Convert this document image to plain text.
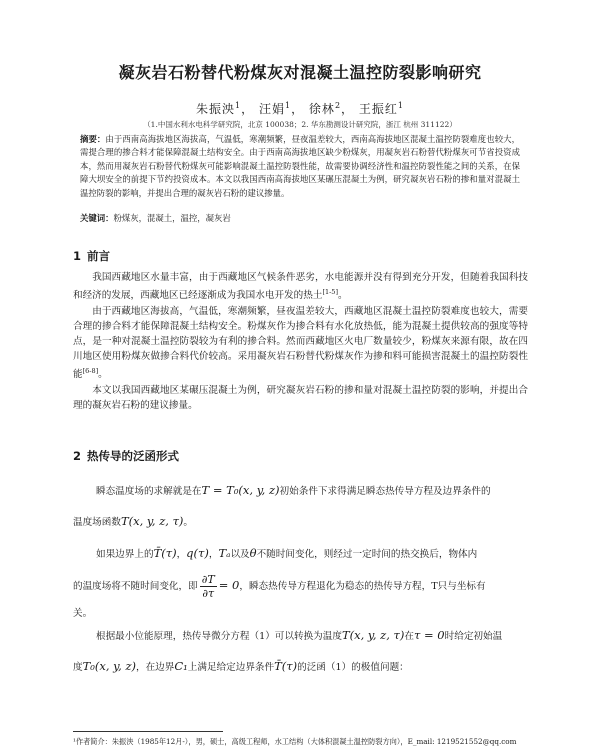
凝灰岩石粉替代粉煤灰对混凝土温控防裂影响研究
朱振泱$^1$， 汪娟$^1$， 徐林$^2$， 王振红$^1$
（1.中国水利水电科学研究院，北京 100038；2. 华东勘测设计研究院，浙江 杭州 311122）
摘要：由于西南高海拔地区海拔高，气温低，寒潮频繁，昼夜温差较大，西南高海拔地区混凝土温控防裂难度也较大，需提合理的掺合料才能保障混凝土结构安全。由于西南高海拔地区缺少粉煤灰，用凝灰岩石粉替代粉煤灰可节省投资成本，然而用凝灰岩石粉替代粉煤灰可能影响混凝土温控防裂性能，故需要协调经济性和温控防裂性能之间的关系，在保障大坝安全的前提下节约投资成本。本文以我国西南高海拔地区某碾压混凝土为例，研究凝灰岩石粉的掺和量对混凝土温控防裂的影响，并提出合理的凝灰岩石粉的建议掺量。
关键词：粉煤灰，混凝土，温控，凝灰岩
1 前言

我国西藏地区水量丰富，由于西藏地区气候条件恶劣，水电能源并没有得到充分开发，但随着我国科技和经济的发展，西藏地区已经逐渐成为我国水电开发的热土[1-5]。

由于西藏地区海拔高，气温低，寒潮频繁，昼夜温差较大，西藏地区混凝土温控防裂难度也较大，需要合理的掺合料才能保障混凝土结构安全。粉煤灰作为掺合料有水化放热低，能为混凝土提供较高的强度等特点，是一种对混凝土温控防裂较为有利的掺合料。然而西藏地区火电厂数量较少，粉煤灰来源有限，故在四川地区使用粉煤灰做掺合料代价较高。采用凝灰岩石粉替代粉煤灰作为掺和料可能损害混凝土的温控防裂性能[6-8]。

本文以我国西藏地区某碾压混凝土为例，研究凝灰岩石粉的掺和量对混凝土温控防裂的影响，并提出合理的凝灰岩石粉的建议掺量。

2 热传导的泛函形式
瞬态温度场的求解就是在T = T₀(x, y, z)初始条件下求得满足瞬态热传导方程及边界条件的
温度场函数T(x, y, z, τ)。
如果边界上的T̄(τ)，q(τ)，Tₐ以及θ不随时间变化，则经过一定时间的热交换后，物体内
的温度场将不随时间变化，即 $\frac{\partial T}{\partial\tau} = 0$，瞬态热传导方程退化为稳态的热传导方程，T只与坐标有
关。
根据最小位能原理，热传导微分方程（1）可以转换为温度T(x, y, z, τ)在τ = 0时给定初始温
度T₀(x, y, z)，在边界C₁上满足给定边界条件T̄(τ)的泛函（1）的极值问题：
¹作者简介：朱振泱（1985年12月-），男，硕士，高级工程师，水工结构（大体积混凝土温控防裂方向），E_mail: 1219521552@qq.com
